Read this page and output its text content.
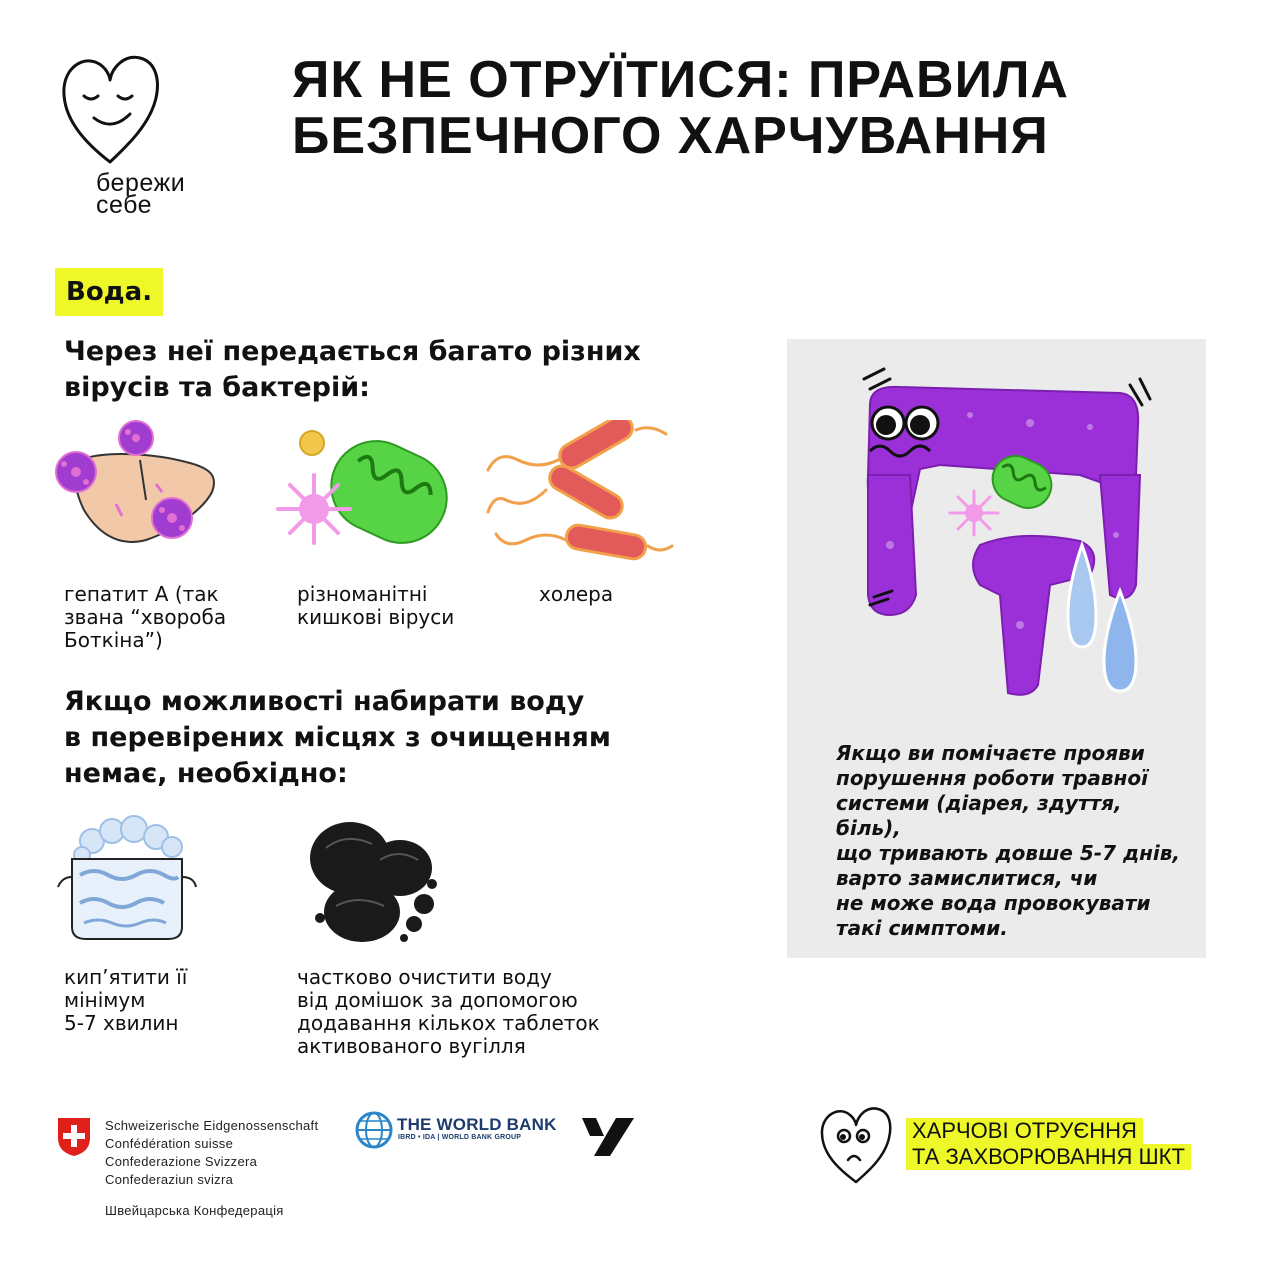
бережи
себе
ЯК НЕ ОТРУЇТИСЯ: ПРАВИЛА
БЕЗПЕЧНОГО ХАРЧУВАННЯ
Вода.
Через неї передається багато різних
вірусів та бактерій:
гепатит А (так
звана “хвороба
Боткіна”)
різноманітні
кишкові віруси
холера
Якщо можливості набирати воду
в перевірених місцях з очищенням
немає, необхідно:
кип’ятити її
мінімум
5-7 хвилин
частково очистити воду
від домішок за допомогою
додавання кількох таблеток
активованого вугілля
Якщо ви помічаєте прояви
порушення роботи травної
системи (діарея, здуття, біль),
що тривають довше 5-7 днів,
варто замислитися, чи
не може вода провокувати
такі симптоми.
Schweizerische Eidgenossenschaft
Confédération suisse
Confederazione Svizzera
Confederaziun svizra
Швейцарська Конфедерація
THE WORLD BANK
IBRD • IDA | WORLD BANK GROUP	ХАРЧОВІ ОТРУЄННЯ
ТА ЗАХВОРЮВАННЯ ШКТ
